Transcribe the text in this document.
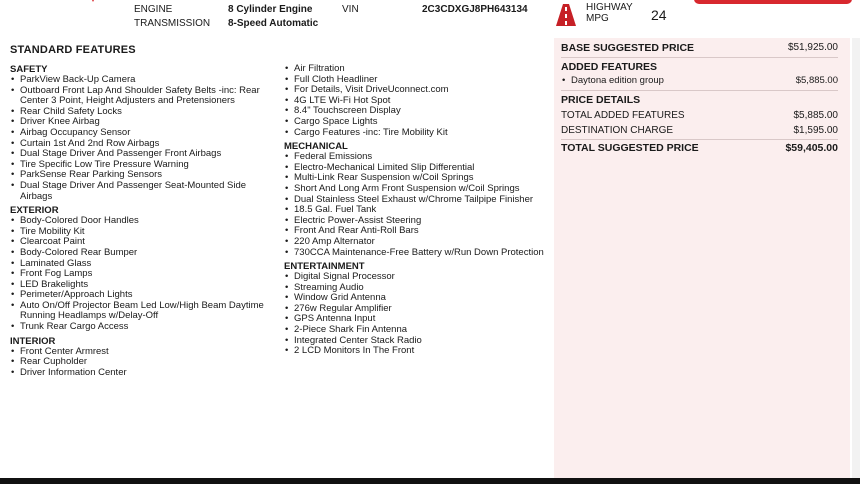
ENGINE	8 Cylinder Engine	VIN	2C3CDXGJ8PH643134
TRANSMISSION 8-Speed Automatic
HIGHWAY
MPG	24
STANDARD FEATURES
SAFETY
• ParkView Back-Up Camera
• Outboard Front Lap And Shoulder Safety Belts -inc: Rear Center 3 Point, Height Adjusters and Pretensioners
• Rear Child Safety Locks
• Driver Knee Airbag
• Airbag Occupancy Sensor
• Curtain 1st And 2nd Row Airbags
• Dual Stage Driver And Passenger Front Airbags
• Tire Specific Low Tire Pressure Warning
• ParkSense Rear Parking Sensors
• Dual Stage Driver And Passenger Seat-Mounted Side Airbags
EXTERIOR
• Body-Colored Door Handles
• Tire Mobility Kit
• Clearcoat Paint
• Body-Colored Rear Bumper
• Laminated Glass
• Front Fog Lamps
• LED Brakelights
• Perimeter/Approach Lights
• Auto On/Off Projector Beam Led Low/High Beam Daytime Running Headlamps w/Delay-Off
• Trunk Rear Cargo Access
INTERIOR
• Front Center Armrest
• Rear Cupholder
• Driver Information Center
• Air Filtration
• Full Cloth Headliner
• For Details, Visit DriveUconnect.com
• 4G LTE Wi-Fi Hot Spot
• 8.4" Touchscreen Display
• Cargo Space Lights
• Cargo Features -inc: Tire Mobility Kit
MECHANICAL
• Federal Emissions
• Electro-Mechanical Limited Slip Differential
• Multi-Link Rear Suspension w/Coil Springs
• Short And Long Arm Front Suspension w/Coil Springs
• Dual Stainless Steel Exhaust w/Chrome Tailpipe Finisher
• 18.5 Gal. Fuel Tank
• Electric Power-Assist Steering
• Front And Rear Anti-Roll Bars
• 220 Amp Alternator
• 730CCA Maintenance-Free Battery w/Run Down Protection
ENTERTAINMENT
• Digital Signal Processor
• Streaming Audio
• Window Grid Antenna
• 276w Regular Amplifier
• GPS Antenna Input
• 2-Piece Shark Fin Antenna
• Integrated Center Stack Radio
• 2 LCD Monitors In The Front
BASE SUGGESTED PRICE	$51,925.00
ADDED FEATURES
• Daytona edition group	$5,885.00
PRICE DETAILS
TOTAL ADDED FEATURES	$5,885.00
DESTINATION CHARGE	$1,595.00
TOTAL SUGGESTED PRICE	$59,405.00
